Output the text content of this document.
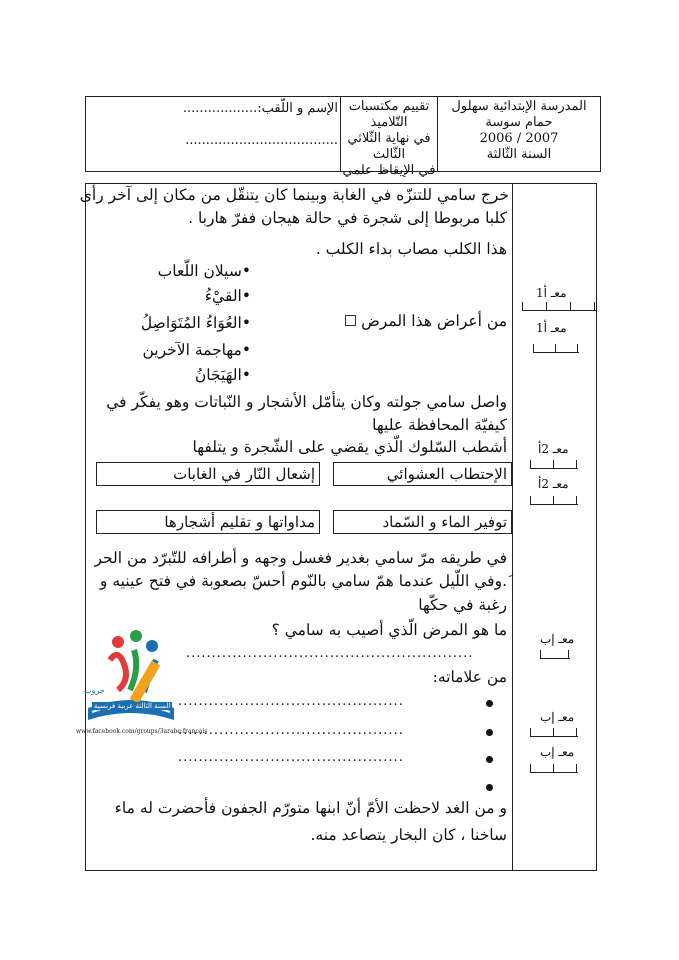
المدرسة الإبتدائية سهلول
حمام سوسة
2006 / 2007
السنة الثّالثة
تقييم مكتسبات التّلاميذ
في نهاية الثّلاثي الثّالث
في الإيقاظ علمي
الإسم و اللّقب:..................
.....................................
خرج سامي للتنزّه في الغابة وبينما كان يتنقّل من مكان إلى آخر رأى
كلبا مربوطا إلى شجرة في حالة هيجان ففرّ هاربا .
هذا الكلب مصاب بداء الكلب .
•سيلان اللّعاب
•القيْءُ
•العُوَاءُ المُتَوَاصِلُ
•مهاجمة الآخرين
•الهَيَجَانُ
من أعراض هذا المرض
واصل سامي جولته وكان يتأمّل الأشجار و النّباتات وهو يفكّر في
كيفيّة المحافظة عليها
أشطب السّلوك الّذي يقضي على الشّجرة و يتلفها
الإحتطاب العشوائي
إشعال النّار في الغابات
توفير الماء و السّماد
مداواتها و تقليم أشجارها
في طريقه مرّ سامي بغدير فغسل وجهه و أطرافه للتّبرّد من الحر
َ.وفي اللّيل عندما همّ سامي بالنّوم أحسّ بصعوبة في فتح عينيه و
رغبة في حكّها
ما هو المرض الّذي أصيب به سامي ؟
........................................................
من علاماته:
............................................
............................................
............................................
و من الغد لاحظت الأمّ أنّ ابنها متورّم الجفون فأحضرت له ماء
ساخنا ، كان البخار يتصاعد منه.
معـ أ1
معـ أ1
معـ 2أ
معـ 2أ
معـ إب
معـ إب
معـ إب
جروب
السنة الثالثة عربية فرنسية
www.facebook.com/groups/3arabe.francais
